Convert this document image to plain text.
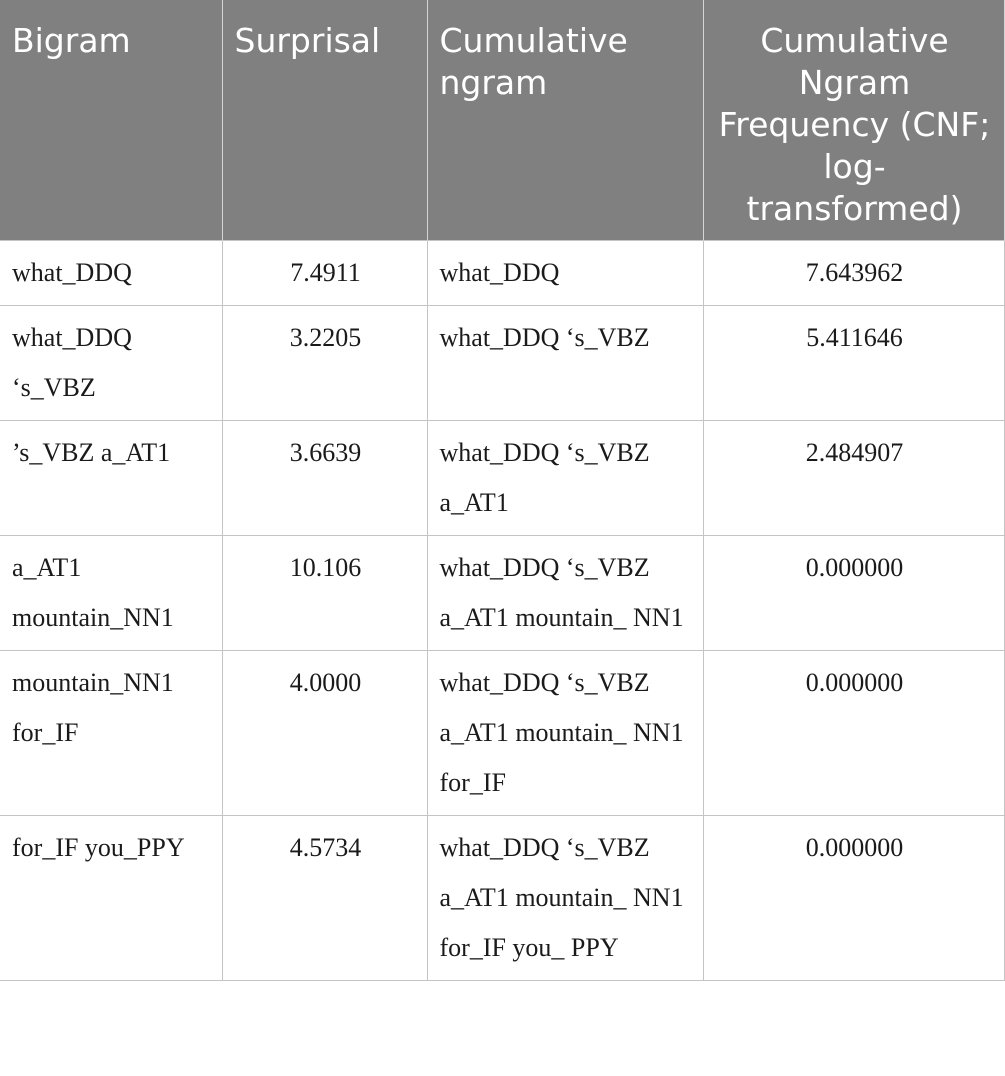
Bigram	Surprisal	Cumulative ngram	Cumulative Ngram Frequency (CNF; log-transformed)
what_DDQ	7.4911	what_DDQ	7.643962
what_DDQ ‘s_VBZ	3.2205	what_DDQ ‘s_VBZ	5.411646
’s_VBZ a_AT1	3.6639	what_DDQ ‘s_VBZ a_AT1	2.484907
a_AT1 mountain_NN1	10.106	what_DDQ ‘s_VBZ a_AT1 mountain_ NN1	0.000000
mountain_NN1 for_IF	4.0000	what_DDQ ‘s_VBZ a_AT1 mountain_ NN1 for_IF	0.000000
for_IF you_PPY	4.5734	what_DDQ ‘s_VBZ a_AT1 mountain_ NN1 for_IF you_ PPY	0.000000
